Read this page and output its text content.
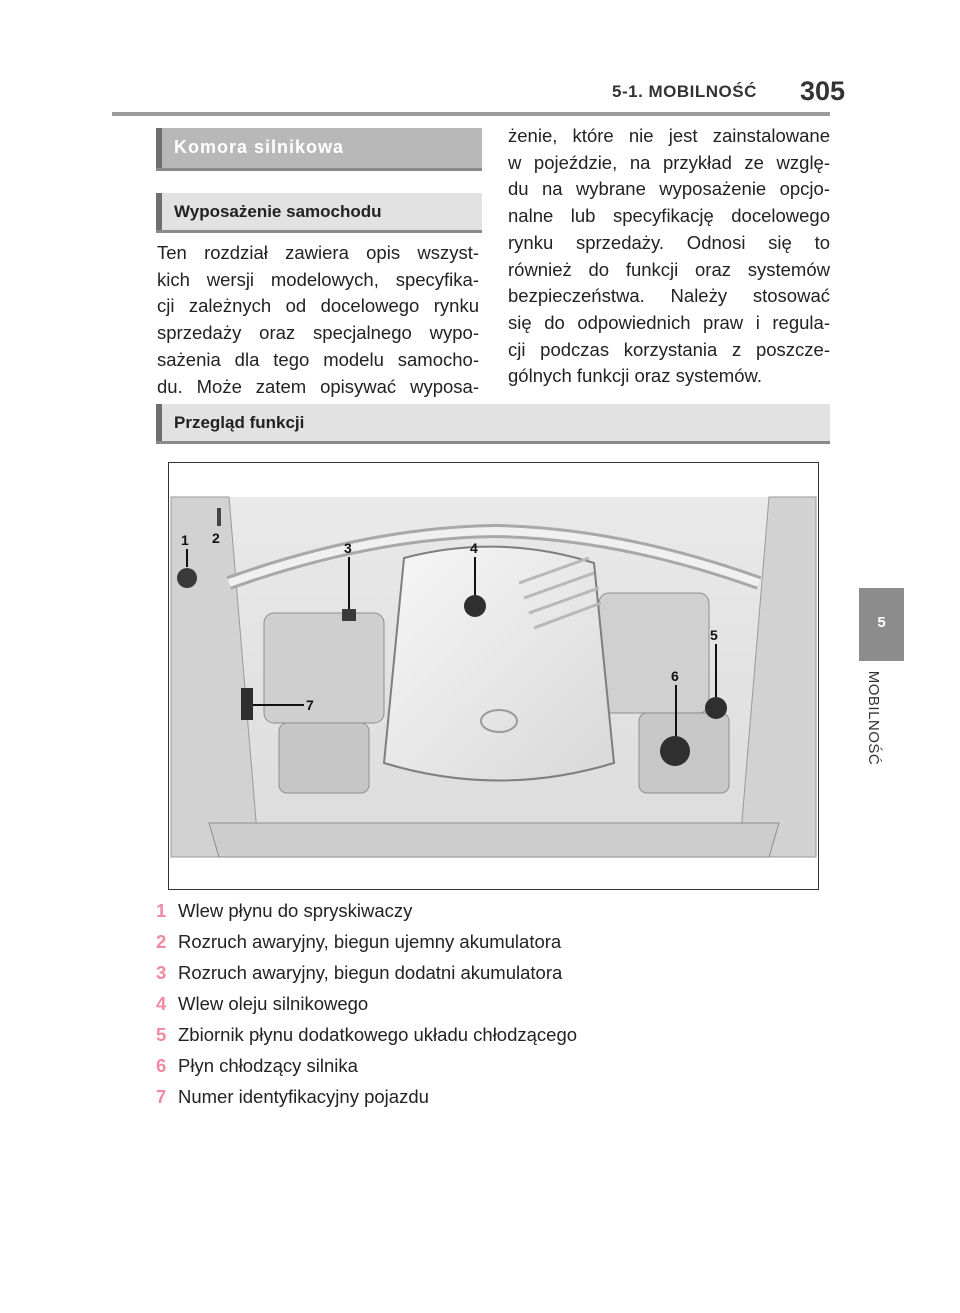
5-1. MOBILNOŚĆ 305
5
MOBILNOŚĆ
Komora silnikowa
Wyposażenie samochodu
Ten rozdział zawiera opis wszyst-
kich wersji modelowych, specyfika-
cji zależnych od docelowego rynku
sprzedaży oraz specjalnego wypo-
sażenia dla tego modelu samocho-
du. Może zatem opisywać wyposa-
żenie, które nie jest zainstalowane
w pojeździe, na przykład ze wzglę-
du na wybrane wyposażenie opcjo-
nalne lub specyfikację docelowego
rynku sprzedaży. Odnosi się to
również do funkcji oraz systemów
bezpieczeństwa. Należy stosować
się do odpowiednich praw i regula-
cji podczas korzystania z poszcze-
gólnych funkcji oraz systemów.
Przegląd funkcji
1 2
3	4
5
6
7
1 Wlew płynu do spryskiwaczy
2 Rozruch awaryjny, biegun ujemny akumulatora
3 Rozruch awaryjny, biegun dodatni akumulatora
4 Wlew oleju silnikowego
5 Zbiornik płynu dodatkowego układu chłodzącego
6 Płyn chłodzący silnika
7 Numer identyfikacyjny pojazdu
